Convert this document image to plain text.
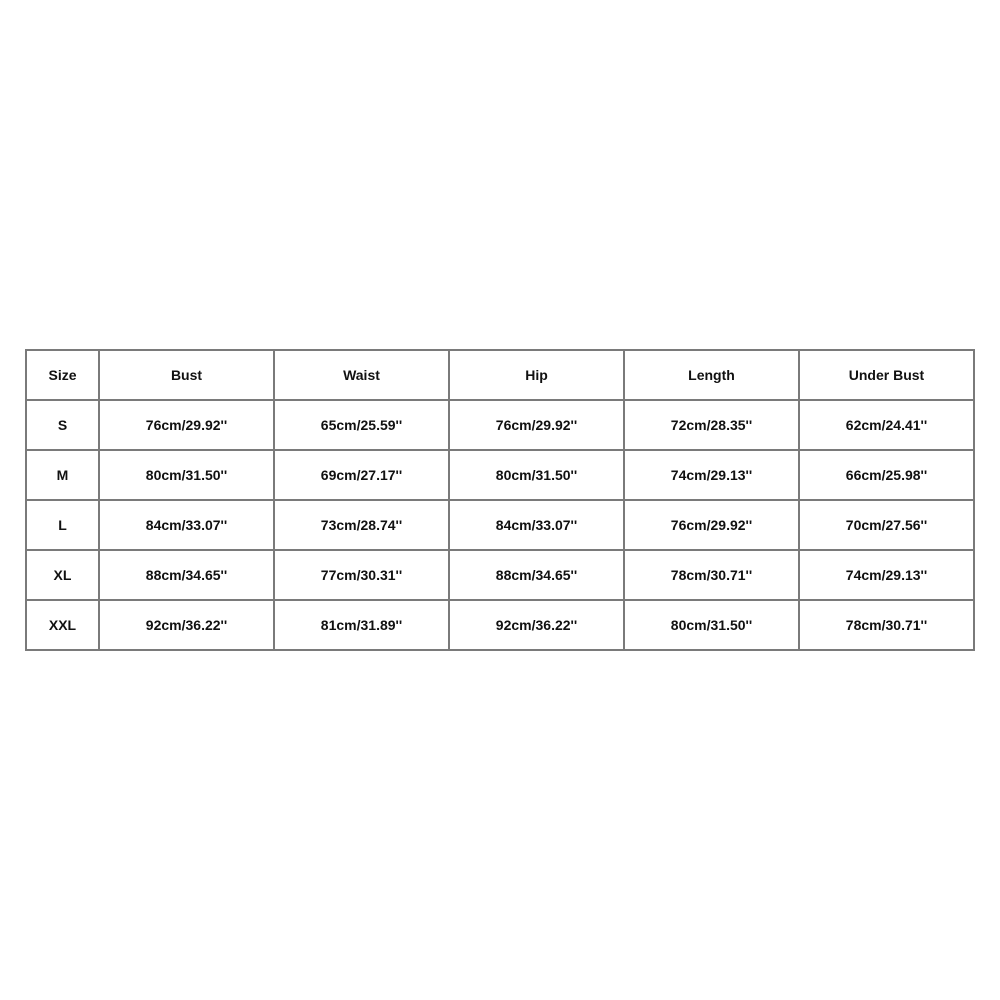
Size	Bust	Waist	Hip	Length	Under Bust
S	76cm/29.92''	65cm/25.59''	76cm/29.92''	72cm/28.35''	62cm/24.41''
M	80cm/31.50''	69cm/27.17''	80cm/31.50''	74cm/29.13''	66cm/25.98''
L	84cm/33.07''	73cm/28.74''	84cm/33.07''	76cm/29.92''	70cm/27.56''
XL	88cm/34.65''	77cm/30.31''	88cm/34.65''	78cm/30.71''	74cm/29.13''
XXL	92cm/36.22''	81cm/31.89''	92cm/36.22''	80cm/31.50''	78cm/30.71''
